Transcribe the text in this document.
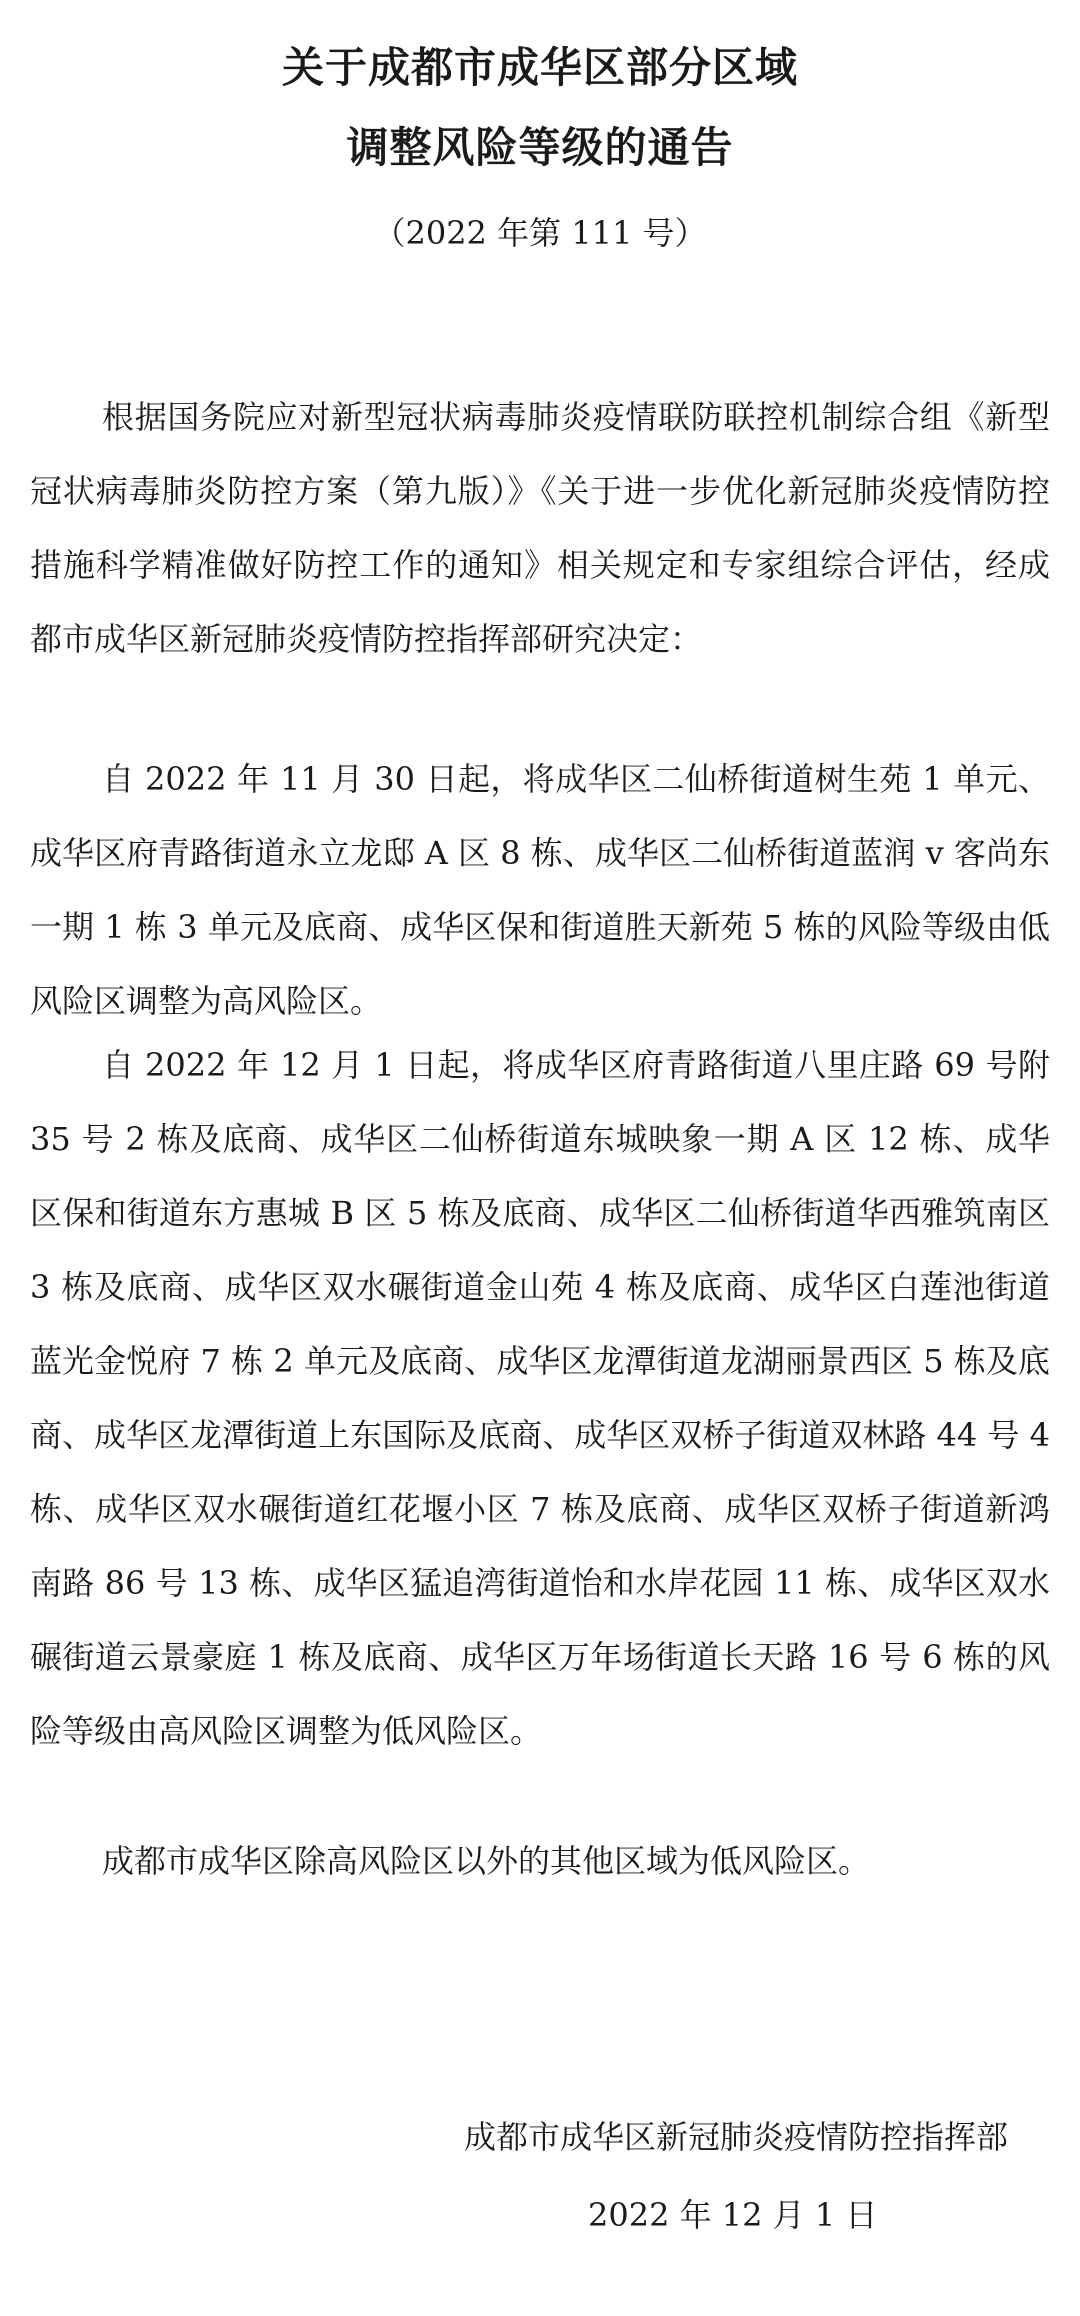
关于成都市成华区部分区域
调整风险等级的通告
（2022 年第 111 号）

根据国务院应对新型冠状病毒肺炎疫情联防联控机制综合组《新型冠状病毒肺炎防控方案（第九版）》《关于进一步优化新冠肺炎疫情防控措施科学精准做好防控工作的通知》相关规定和专家组综合评估，经成都市成华区新冠肺炎疫情防控指挥部研究决定：

自 2022 年 11 月 30 日起，将成华区二仙桥街道树生苑 1 单元、成华区府青路街道永立龙邸 A 区 8 栋、成华区二仙桥街道蓝润 v 客尚东一期 1 栋 3 单元及底商、成华区保和街道胜天新苑 5 栋的风险等级由低风险区调整为高风险区。

自 2022 年 12 月 1 日起，将成华区府青路街道八里庄路 69 号附 35 号 2 栋及底商、成华区二仙桥街道东城映象一期 A 区 12 栋、成华区保和街道东方惠城 B 区 5 栋及底商、成华区二仙桥街道华西雅筑南区 3 栋及底商、成华区双水碾街道金山苑 4 栋及底商、成华区白莲池街道蓝光金悦府 7 栋 2 单元及底商、成华区龙潭街道龙湖丽景西区 5 栋及底商、成华区龙潭街道上东国际及底商、成华区双桥子街道双林路 44 号 4 栋、成华区双水碾街道红花堰小区 7 栋及底商、成华区双桥子街道新鸿南路 86 号 13 栋、成华区猛追湾街道怡和水岸花园 11 栋、成华区双水碾街道云景豪庭 1 栋及底商、成华区万年场街道长天路 16 号 6 栋的风险等级由高风险区调整为低风险区。

成都市成华区除高风险区以外的其他区域为低风险区。

成都市成华区新冠肺炎疫情防控指挥部
2022 年 12 月 1 日
